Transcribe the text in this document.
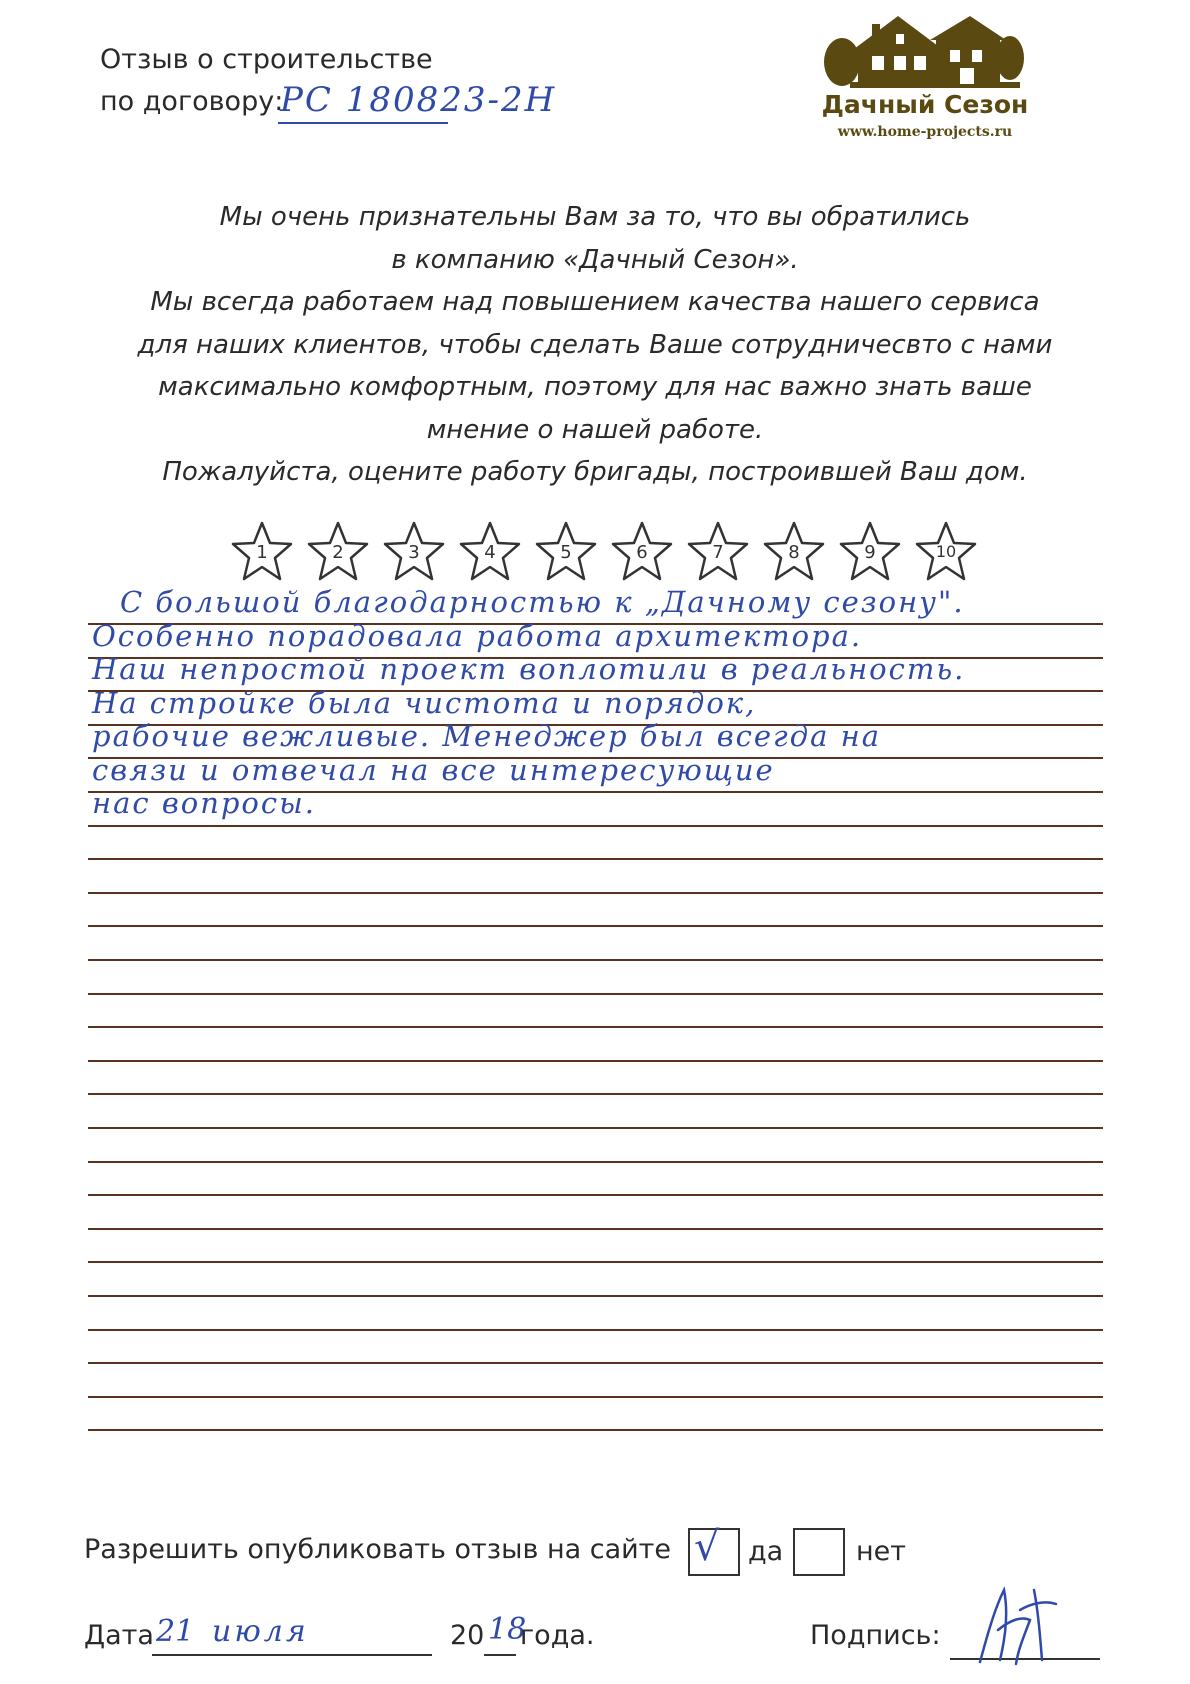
Отзыв о строительстве
по договору:
РС 180823-2Н	Дачный Сезон
www.home-projects.ru
Мы очень признательны Вам за то, что вы обратились
в компанию «Дачный Сезон».
Мы всегда работаем над повышением качества нашего сервиса
для наших клиентов, чтобы сделать Ваше сотрудничесвто с нами
максимально комфортным, поэтому для нас важно знать ваше
мнение о нашей работе.
Пожалуйста, оцените работу бригады, построившей Ваш дом.
1	2	3	4	5	6	7	8	9	10
С большой благодарностью к „Дачному сезону".
Особенно порадовала работа архитектора.
Наш непростой проект воплотили в реальность.
На стройке была чистота и порядок,
рабочие вежливые. Менеджер был всегда на
связи и отвечал на все интересующие
нас вопросы.
Разрешить опубликовать отзыв на сайте √ да	нет
Дата 21 июля	20 18
года.	Подпись:
